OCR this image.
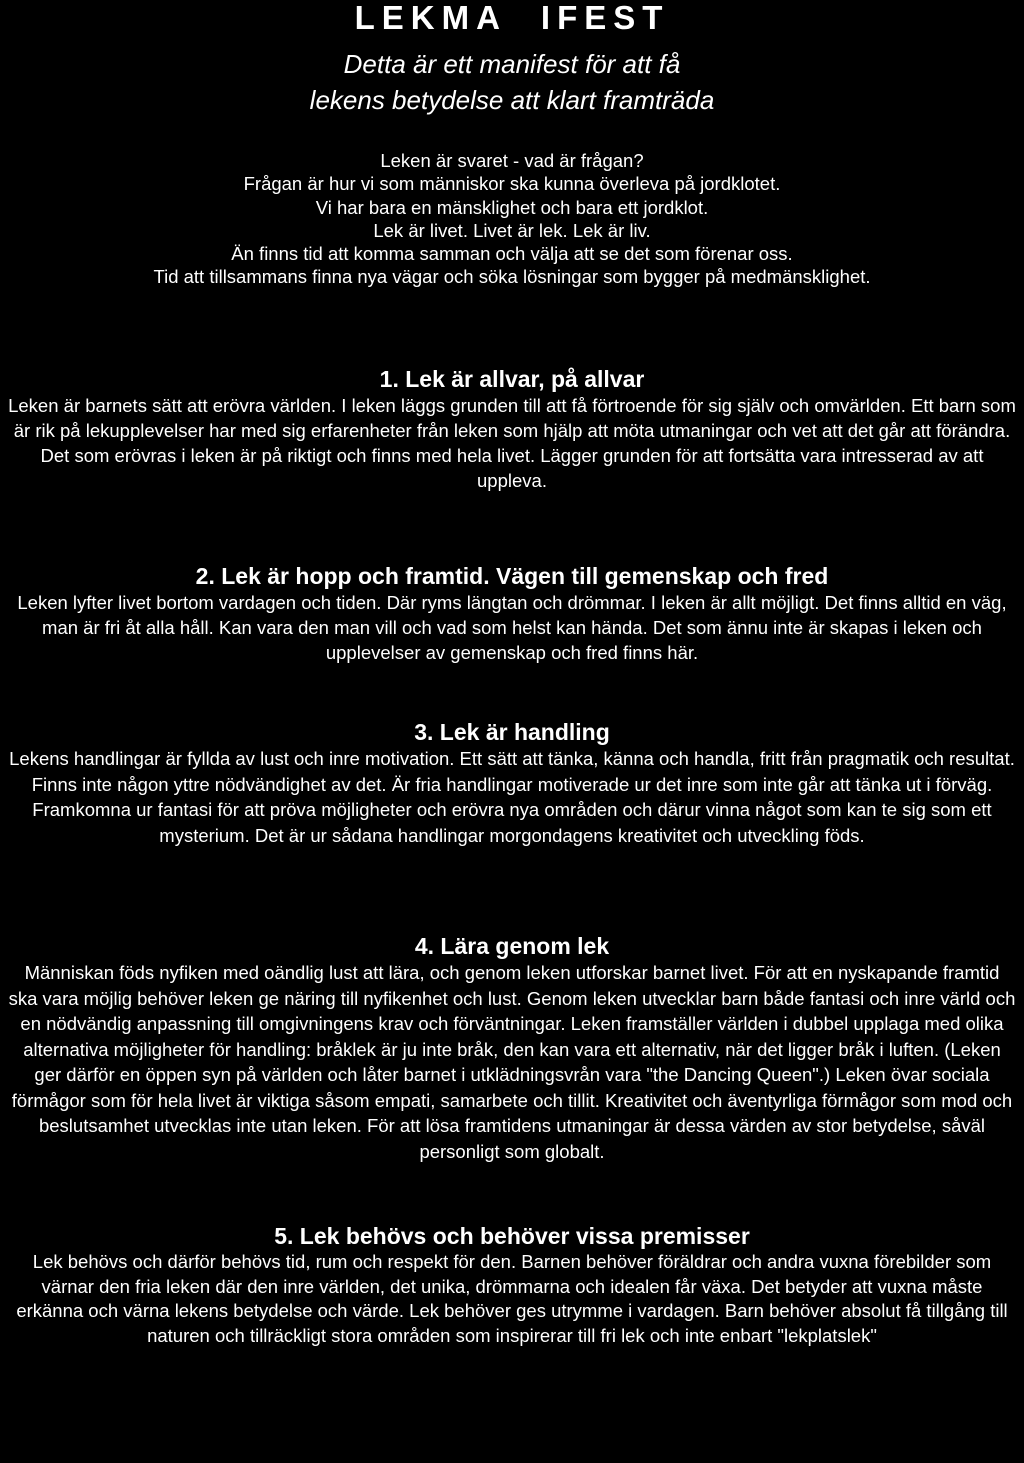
LEKMA IFEST

Detta är ett manifest för att få

lekens betydelse att klart framträda

Leken är svaret - vad är frågan?
Frågan är hur vi som människor ska kunna överleva på jordklotet.
Vi har bara en mänsklighet och bara ett jordklot.
Lek är livet. Livet är lek. Lek är liv.
Än finns tid att komma samman och välja att se det som förenar oss.
Tid att tillsammans finna nya vägar och söka lösningar som bygger på medmänsklighet.
1. Lek är allvar, på allvar

Leken är barnets sätt att erövra världen. I leken läggs grunden till att få förtroende för sig själv och omvärlden. Ett barn som är rik på lekupplevelser har med sig erfarenheter från leken som hjälp att möta utmaningar och vet att det går att förändra. Det som erövras i leken är på riktigt och finns med hela livet. Lägger grunden för att fortsätta vara intresserad av att uppleva.

2. Lek är hopp och framtid. Vägen till gemenskap och fred

Leken lyfter livet bortom vardagen och tiden. Där ryms längtan och drömmar. I leken är allt möjligt. Det finns alltid en väg, man är fri åt alla håll. Kan vara den man vill och vad som helst kan hända. Det som ännu inte är skapas i leken och upplevelser av gemenskap och fred finns här.

3. Lek är handling

Lekens handlingar är fyllda av lust och inre motivation. Ett sätt att tänka, känna och handla, fritt från pragmatik och resultat. Finns inte någon yttre nödvändighet av det. Är fria handlingar motiverade ur det inre som inte går att tänka ut i förväg. Framkomna ur fantasi för att pröva möjligheter och erövra nya områden och därur vinna något som kan te sig som ett mysterium. Det är ur sådana handlingar morgondagens kreativitet och utveckling föds.

4. Lära genom lek

Människan föds nyfiken med oändlig lust att lära, och genom leken utforskar barnet livet. För att en nyskapande framtid ska vara möjlig behöver leken ge näring till nyfikenhet och lust. Genom leken utvecklar barn både fantasi och inre värld och en nödvändig anpassning till omgivningens krav och förväntningar. Leken framställer världen i dubbel upplaga med olika alternativa möjligheter för handling: bråklek är ju inte bråk, den kan vara ett alternativ, när det ligger bråk i luften. (Leken ger därför en öppen syn på världen och låter barnet i utklädningsvrån vara "the Dancing Queen".) Leken övar sociala förmågor som för hela livet är viktiga såsom empati, samarbete och tillit. Kreativitet och äventyrliga förmågor som mod och beslutsamhet utvecklas inte utan leken. För att lösa framtidens utmaningar är dessa värden av stor betydelse, såväl personligt som globalt.

5. Lek behövs och behöver vissa premisser

Lek behövs och därför behövs tid, rum och respekt för den. Barnen behöver föräldrar och andra vuxna förebilder som värnar den fria leken där den inre världen, det unika, drömmarna och idealen får växa. Det betyder att vuxna måste erkänna och värna lekens betydelse och värde. Lek behöver ges utrymme i vardagen. Barn behöver absolut få tillgång till naturen och tillräckligt stora områden som inspirerar till fri lek och inte enbart "lekplatslek"
